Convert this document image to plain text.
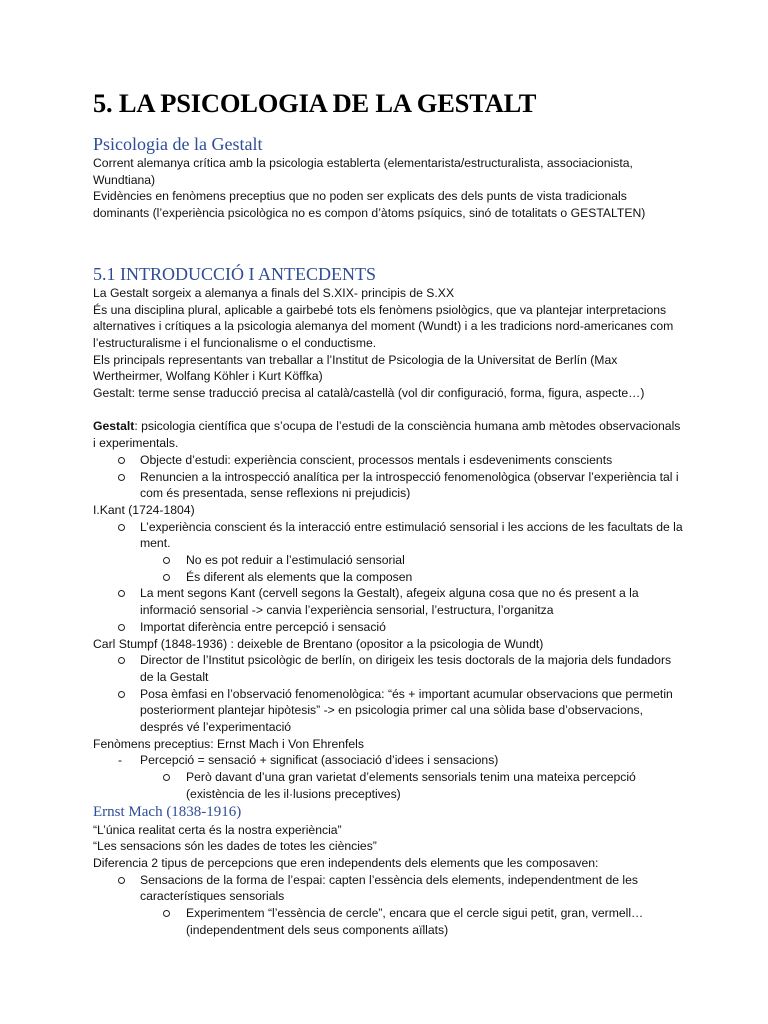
5. LA PSICOLOGIA DE LA GESTALT
Psicologia de la Gestalt

Corrent alemanya crítica amb la psicologia establerta (elementarista/estructuralista, associacionista, Wundtiana)

Evidències en fenòmens preceptius que no poden ser explicats des dels punts de vista tradicionals dominants (l’experiència psicològica no es compon d’àtoms psíquics, sinó de totalitats o GESTALTEN)

5.1 INTRODUCCIÓ I ANTECDENTS

La Gestalt sorgeix a alemanya a finals del S.XIX- principis de S.XX

És una disciplina plural, aplicable a gairbebé tots els fenòmens psiològics, que va plantejar interpretacions alternatives i crítiques a la psicologia alemanya del moment (Wundt) i a les tradicions nord-americanes com l’estructuralisme i el funcionalisme o el conductisme.

Els principals representants van treballar a l’Institut de Psicologia de la Universitat de Berlín (Max Wertheirmer, Wolfang Köhler i Kurt Köffka)

Gestalt: terme sense traducció precisa al català/castellà (vol dir configuració, forma, figura, aspecte…)

Gestalt: psicologia científica que s’ocupa de l’estudi de la consciència humana amb mètodes observacionals i experimentals.

Objecte d’estudi: experiència conscient, processos mentals i esdeveniments conscients
Renuncien a la introspecció analítica per la introspecció fenomenològica (observar l’experiència tal i com és presentada, sense reflexions ni prejudicis)

I.Kant (1724-1804)

L’experiència conscient és la interacció entre estimulació sensorial i les accions de les facultats de la ment.
No es pot reduir a l’estimulació sensorial
És diferent als elements que la composen
La ment segons Kant (cervell segons la Gestalt), afegeix alguna cosa que no és present a la informació sensorial -> canvia l’experiència sensorial, l’estructura, l’organitza
Importat diferència entre percepció i sensació

Carl Stumpf (1848-1936) : deixeble de Brentano (opositor a la psicologia de Wundt)

Director de l’Institut psicològic de berlín, on dirigeix les tesis doctorals de la majoria dels fundadors de la Gestalt
Posa èmfasi en l’observació fenomenològica: “és + important acumular observacions que permetin posteriorment plantejar hipòtesis” -> en psicologia primer cal una sòlida base d’observacions, després vé l’experimentació

Fenòmens preceptius: Ernst Mach i Von Ehrenfels

- Percepció = sensació + significat (associació d’idees i sensacions)
Però davant d’una gran varietat d’elements sensorials tenim una mateixa percepció (existència de les il·lusions preceptives)
Ernst Mach (1838-1916)

“L’única realitat certa és la nostra experiència”

“Les sensacions són les dades de totes les ciències”

Diferencia 2 tipus de percepcions que eren independents dels elements que les composaven:

Sensacions de la forma de l’espai: capten l’essència dels elements, independentment de les característiques sensorials
Experimentem “l’essència de cercle”, encara que el cercle sigui petit, gran, vermell… (independentment dels seus components aïllats)
